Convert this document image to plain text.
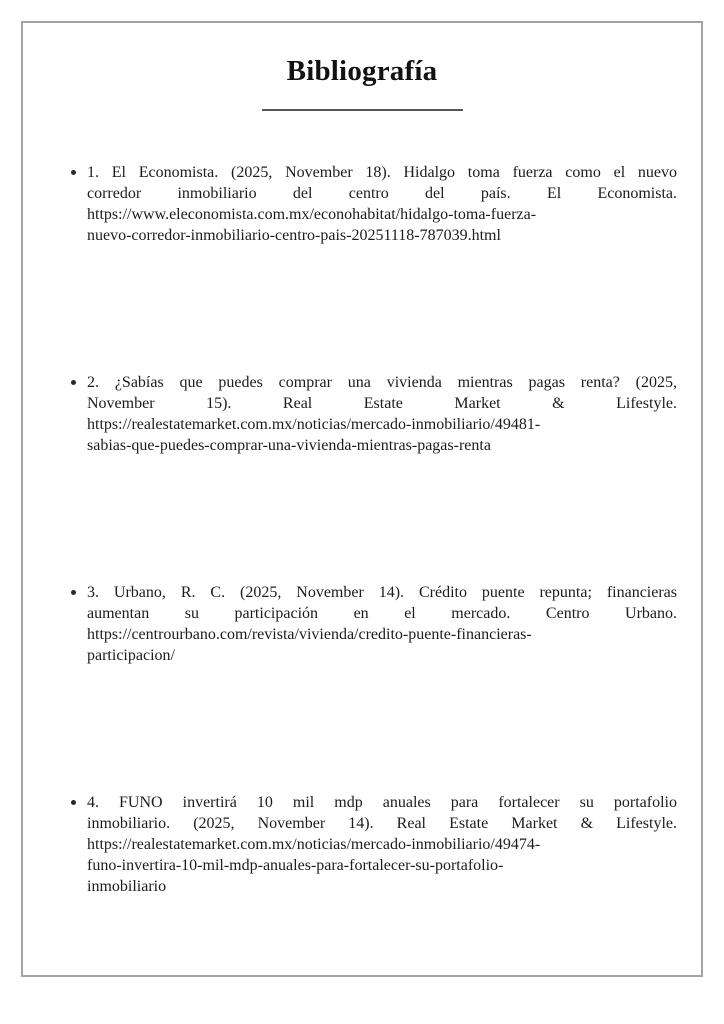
Bibliografía
1. El Economista. (2025, November 18). Hidalgo toma fuerza como el nuevo
corredor inmobiliario del centro del país. El Economista.
https://www.eleconomista.com.mx/econohabitat/hidalgo-toma-fuerza-
nuevo-corredor-inmobiliario-centro-pais-20251118-787039.html
2. ¿Sabías que puedes comprar una vivienda mientras pagas renta? (2025,
November 15). Real Estate Market & Lifestyle.
https://realestatemarket.com.mx/noticias/mercado-inmobiliario/49481-
sabias-que-puedes-comprar-una-vivienda-mientras-pagas-renta
3. Urbano, R. C. (2025, November 14). Crédito puente repunta; financieras
aumentan su participación en el mercado. Centro Urbano.
https://centrourbano.com/revista/vivienda/credito-puente-financieras-
participacion/
4. FUNO invertirá 10 mil mdp anuales para fortalecer su portafolio
inmobiliario. (2025, November 14). Real Estate Market & Lifestyle.
https://realestatemarket.com.mx/noticias/mercado-inmobiliario/49474-
funo-invertira-10-mil-mdp-anuales-para-fortalecer-su-portafolio-
inmobiliario
